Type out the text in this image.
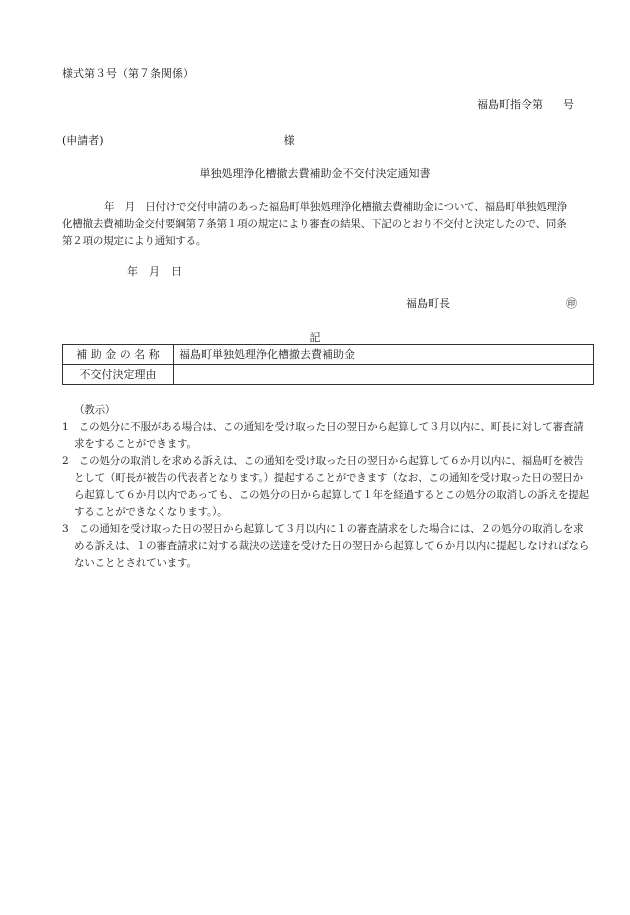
様式第３号（第７条関係）
福島町指令第 号
(申請者)	様
単独処理浄化槽撤去費補助金不交付決定通知書
年　月　日付けで交付申請のあった福島町単独処理浄化槽撤去費補助金について、福島町単独処理浄化槽撤去費補助金交付要綱第７条第１項の規定により審査の結果、下記のとおり不交付と決定したので、同条第２項の規定により通知する。
年　月　日
福島町長	㊞
記
補 助 金 の 名 称	福島町単独処理浄化槽撤去費補助金
不交付決定理由	
（教示）
1　この処分に不服がある場合は、この通知を受け取った日の翌日から起算して３月以内に、町長に対して審査請求をすることができます。
2　この処分の取消しを求める訴えは、この通知を受け取った日の翌日から起算して６か月以内に、福島町を被告として（町長が被告の代表者となります。）提起することができます（なお、この通知を受け取った日の翌日から起算して６か月以内であっても、この処分の日から起算して１年を経過するとこの処分の取消しの訴えを提起することができなくなります。）。
3　この通知を受け取った日の翌日から起算して３月以内に１の審査請求をした場合には、２の処分の取消しを求める訴えは、１の審査請求に対する裁決の送達を受けた日の翌日から起算して６か月以内に提起しなければならないこととされています。
